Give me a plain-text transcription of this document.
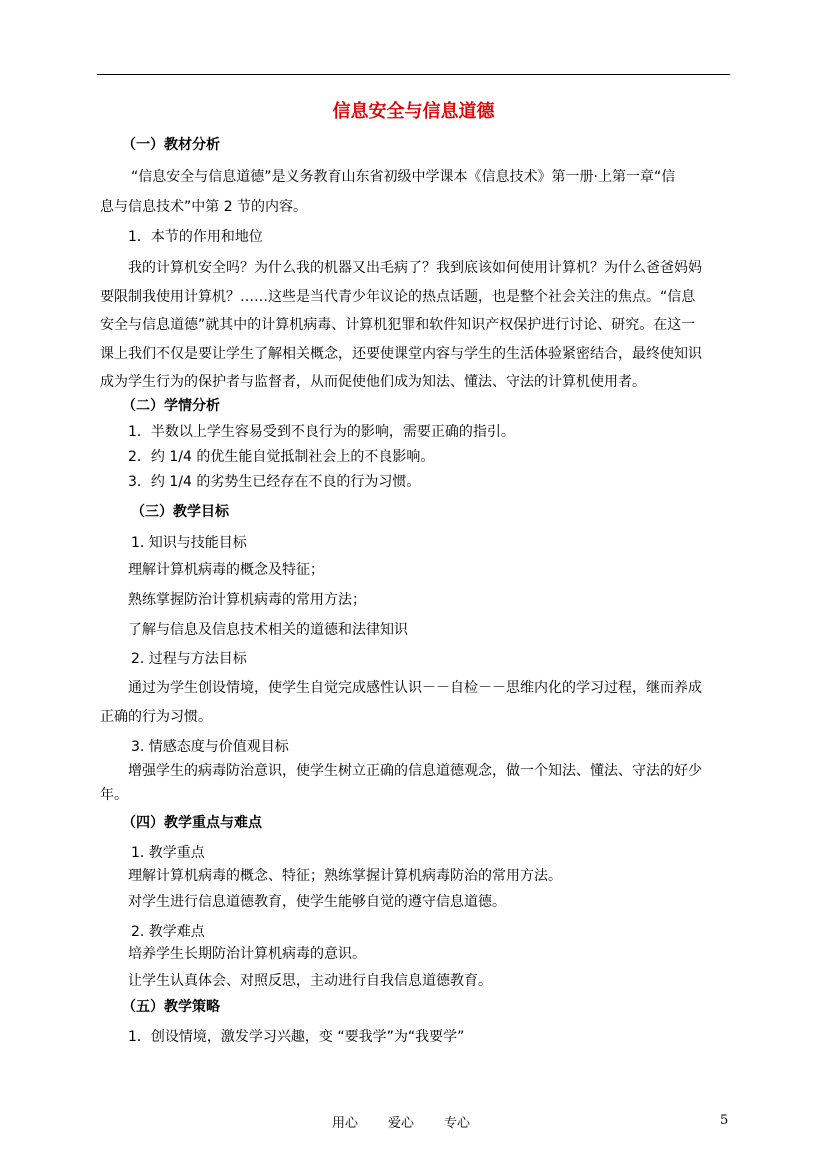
信息安全与信息道德
（一）教材分析
“信息安全与信息道德”是义务教育山东省初级中学课本《信息技术》第一册·上第一章“信
息与信息技术”中第 2 节的内容。
1．本节的作用和地位
我的计算机安全吗？为什么我的机器又出毛病了？我到底该如何使用计算机？为什么爸爸妈妈
要限制我使用计算机？……这些是当代青少年议论的热点话题，也是整个社会关注的焦点。“信息
安全与信息道德”就其中的计算机病毒、计算机犯罪和软件知识产权保护进行讨论、研究。在这一
课上我们不仅是要让学生了解相关概念，还要使课堂内容与学生的生活体验紧密结合，最终使知识
成为学生行为的保护者与监督者，从而促使他们成为知法、懂法、守法的计算机使用者。
（二）学情分析
1．半数以上学生容易受到不良行为的影响，需要正确的指引。
2．约 1/4 的优生能自觉抵制社会上的不良影响。
3．约 1/4 的劣势生已经存在不良的行为习惯。
（三）教学目标
1. 知识与技能目标
理解计算机病毒的概念及特征；
熟练掌握防治计算机病毒的常用方法；
了解与信息及信息技术相关的道德和法律知识
2. 过程与方法目标
通过为学生创设情境，使学生自觉完成感性认识－－自检－－思维内化的学习过程，继而养成
正确的行为习惯。
3. 情感态度与价值观目标
增强学生的病毒防治意识，使学生树立正确的信息道德观念，做一个知法、懂法、守法的好少
年。
（四）教学重点与难点
1. 教学重点
理解计算机病毒的概念、特征；熟练掌握计算机病毒防治的常用方法。
对学生进行信息道德教育，使学生能够自觉的遵守信息道德。
2. 教学难点
培养学生长期防治计算机病毒的意识。
让学生认真体会、对照反思，主动进行自我信息道德教育。
（五）教学策略
1．创设情境，激发学习兴趣，变 “要我学”为“我要学”
用心 爱心 专心	5
